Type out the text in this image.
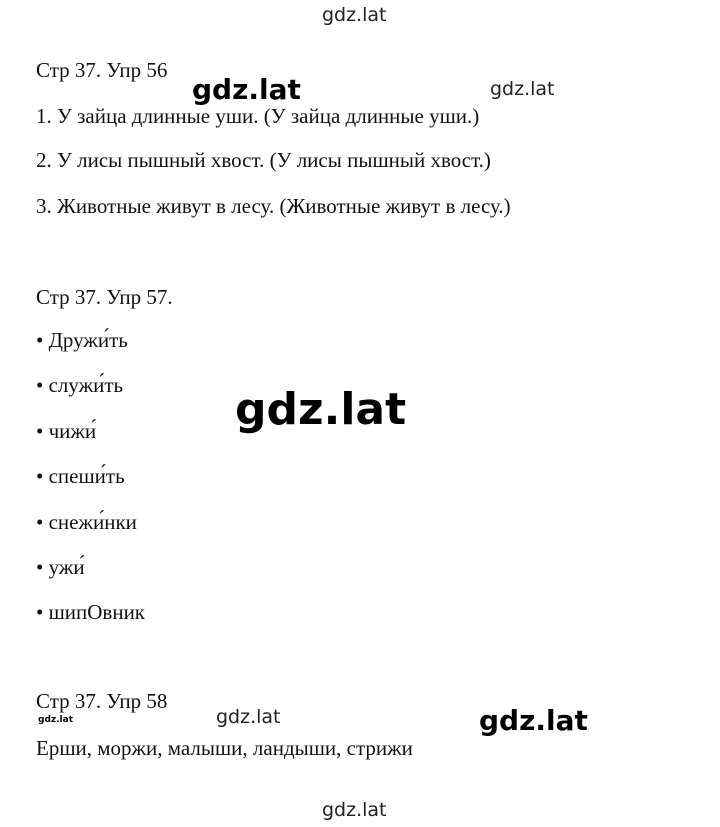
gdz.lat
Стр 37. Упр 56
gdz.lat	gdz.lat
1. У зайца длинные уши. (У зайца длинные уши.)
2. У лисы пышный хвост. (У лисы пышный хвост.)
3. Животные живут в лесу. (Животные живут в лесу.)
Стр 37. Упр 57.
• Дружи́ть
• служи́ть
• чижи́
• спеши́ть
• снежи́нки
• ужи́
• шипОвник
gdz.lat
Стр 37. Упр 58
gdz.lat	gdz.lat	gdz.lat
Ерши, моржи, малыши, ландыши, стрижи
gdz.lat
